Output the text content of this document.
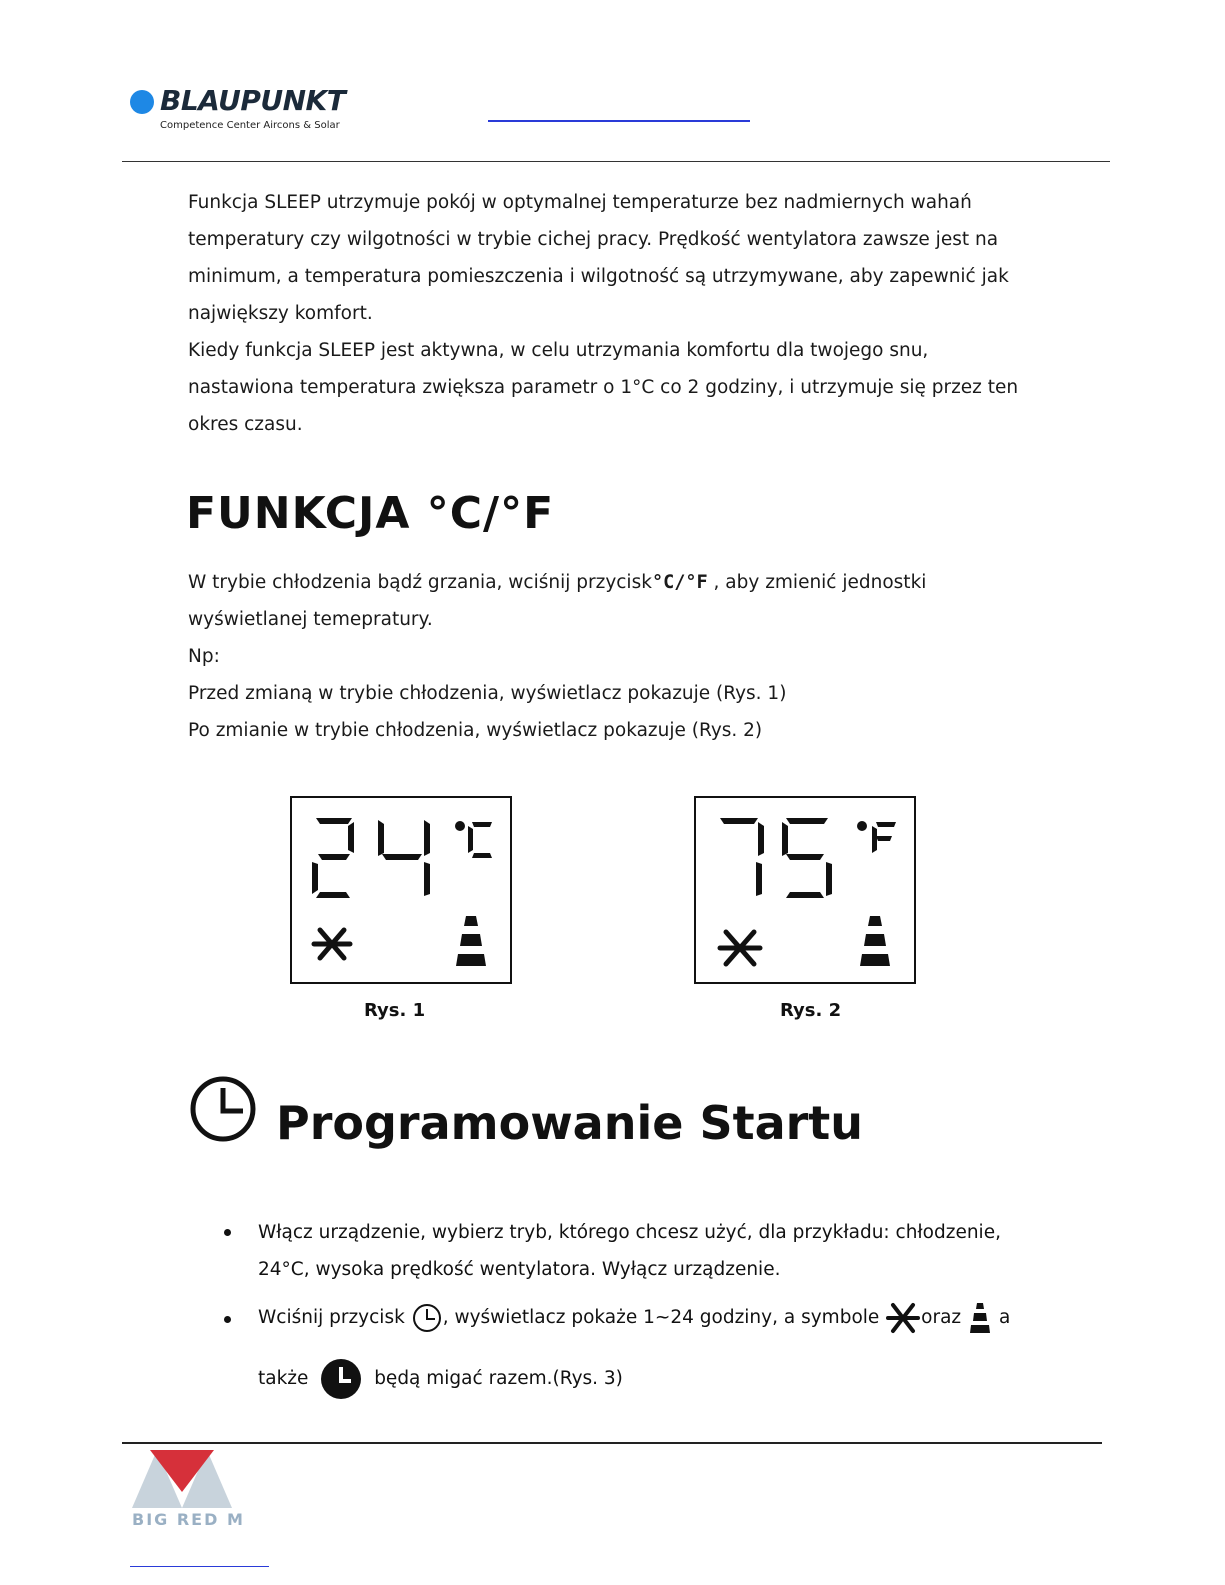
BLAUPUNKT
Competence Center Aircons & Solar

Funkcja SLEEP utrzymuje pokój w optymalnej temperaturze bez nadmiernych wahań

temperatury czy wilgotności w trybie cichej pracy. Prędkość wentylatora zawsze jest na

minimum, a temperatura pomieszczenia i wilgotność są utrzymywane, aby zapewnić jak

największy komfort.

Kiedy funkcja SLEEP jest aktywna, w celu utrzymania komfortu dla twojego snu,

nastawiona temperatura zwiększa parametr o 1°C co 2 godziny, i utrzymuje się przez ten

okres czasu.

FUNKCJA °C/°F

W trybie chłodzenia bądź grzania, wciśnij przycisk°C/°F , aby zmienić jednostki

wyświetlanej temepratury.

Np:

Przed zmianą w trybie chłodzenia, wyświetlacz pokazuje (Rys. 1)

Po zmianie w trybie chłodzenia, wyświetlacz pokazuje (Rys. 2)

Rys. 1	Rys. 2
Programowanie Startu
Włącz urządzenie, wybierz tryb, którego chcesz użyć, dla przykładu: chłodzenie,
24°C, wysoka prędkość wentylatora. Wyłącz urządzenie.
Wciśnij przycisk , wyświetlacz pokaże 1~24 godziny, a symbole oraz a
także	będą migać razem.(Rys. 3)
BIG RED M
